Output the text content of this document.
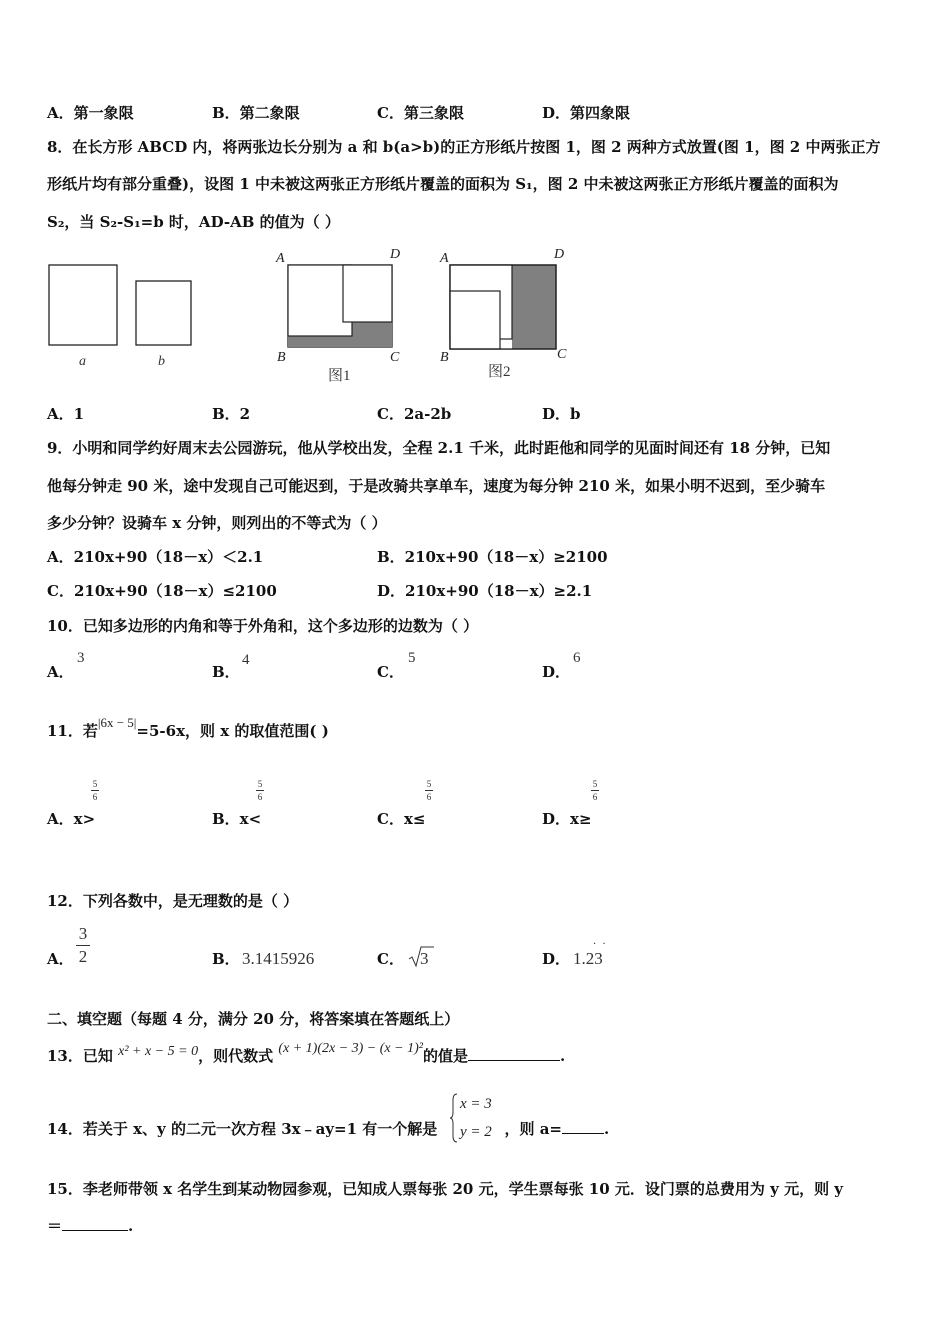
A．第一象限	B．第二象限	C．第三象限	D．第四象限
8．在长方形 ABCD 内，将两张边长分别为 a 和 b(a>b)的正方形纸片按图 1，图 2 两种方式放置(图 1，图 2 中两张正方
形纸片均有部分重叠)，设图 1 中未被这两张正方形纸片覆盖的面积为 S₁，图 2 中未被这两张正方形纸片覆盖的面积为
S₂，当 S₂-S₁=b 时，AD-AB 的值为（ ）
a	b
A	D
B	C
图1
A	D
B	C
图2
A．1	B．2	C．2a-2b	D．b
9．小明和同学约好周末去公园游玩，他从学校出发，全程 2.1 千米，此时距他和同学的见面时间还有 18 分钟，已知
他每分钟走 90 米，途中发现自己可能迟到，于是改骑共享单车，速度为每分钟 210 米，如果小明不迟到，至少骑车
多少分钟？设骑车 x 分钟，则列出的不等式为（ ）
A．210x+90（18－x）＜2.1	B．210x+90（18－x）≥2100
C．210x+90（18－x）≤2100	D．210x+90（18－x）≥2.1
10．已知多边形的内角和等于外角和，这个多边形的边数为（ ）
A．
3
B．
4
C．
5
D．
6
11．若|6x − 5|=5-6x，则 x 的取值范围( )
A．x>
5
6
B．x<
5
6
C．x≤
5
6
D．x≥
5
6
12．下列各数中，是无理数的是（ ）
A．
3
2	B． 3.1415926	C． 3	D． 1.23
·  ·
二、填空题（每题 4 分，满分 20 分，将答案填在答题纸上）
13．已知 x² + x − 5 = 0，则代数式 (x + 1)(2x − 3) − (x − 1)²的值是	.
14．若关于 x、y 的二元一次方程 3x﹣ay=1 有一个解是	，则 a=	.
x = 3
y = 2
15．李老师带领 x 名学生到某动物园参观，已知成人票每张 20 元，学生票每张 10 元．设门票的总费用为 y 元，则 y
＝	.
